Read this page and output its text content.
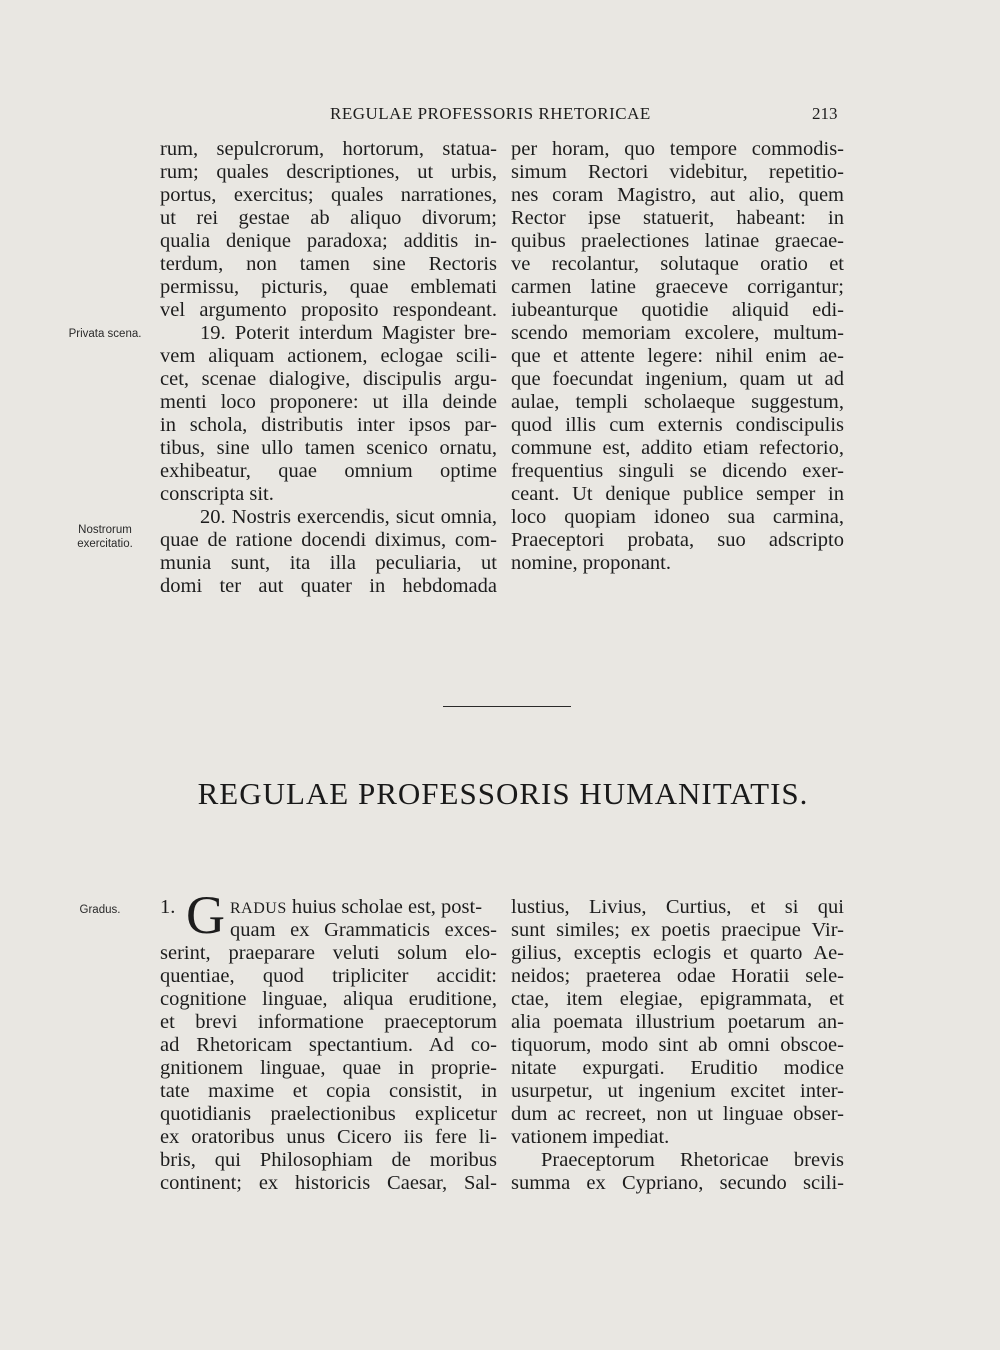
REGULAE PROFESSORIS RHETORICAE	213
Privata scena.
Nostrorum
exercitatio.
Gradus.
rum, sepulcrorum, hortorum, statua-
rum; quales descriptiones, ut urbis,
portus, exercitus; quales narrationes,
ut rei gestae ab aliquo divorum;
qualia denique paradoxa; additis in-
terdum, non tamen sine Rectoris
permissu, picturis, quae emblemati
vel argumento proposito respondeant.
19. Poterit interdum Magister bre-
vem aliquam actionem, eclogae scili-
cet, scenae dialogive, discipulis argu-
menti loco proponere: ut illa deinde
in schola, distributis inter ipsos par-
tibus, sine ullo tamen scenico ornatu,
exhibeatur, quae omnium optime
conscripta sit.
20. Nostris exercendis, sicut omnia,
quae de ratione docendi diximus, com-
munia sunt, ita illa peculiaria, ut
domi ter aut quater in hebdomada
per horam, quo tempore commodis-
simum Rectori videbitur, repetitio-
nes coram Magistro, aut alio, quem
Rector ipse statuerit, habeant: in
quibus praelectiones latinae graecae-
ve recolantur, solutaque oratio et
carmen latine graeceve corrigantur;
iubeanturque quotidie aliquid edi-
scendo memoriam excolere, multum-
que et attente legere: nihil enim ae-
que foecundat ingenium, quam ut ad
aulae, templi scholaeque suggestum,
quod illis cum externis condiscipulis
commune est, addito etiam refectorio,
frequentius singuli se dicendo exer-
ceant. Ut denique publice semper in
loco quopiam idoneo sua carmina,
Praeceptori probata, suo adscripto
nomine, proponant.
REGULAE PROFESSORIS HUMANITATIS.
1. G RADUS huius scholae est, post-
quam ex Grammaticis exces-
serint, praeparare veluti solum elo-
quentiae, quod tripliciter accidit:
cognitione linguae, aliqua eruditione,
et brevi informatione praeceptorum
ad Rhetoricam spectantium. Ad co-
gnitionem linguae, quae in proprie-
tate maxime et copia consistit, in
quotidianis praelectionibus explicetur
ex oratoribus unus Cicero iis fere li-
bris, qui Philosophiam de moribus
continent; ex historicis Caesar, Sal-
lustius, Livius, Curtius, et si qui
sunt similes; ex poetis praecipue Vir-
gilius, exceptis eclogis et quarto Ae-
neidos; praeterea odae Horatii sele-
ctae, item elegiae, epigrammata, et
alia poemata illustrium poetarum an-
tiquorum, modo sint ab omni obscoe-
nitate expurgati. Eruditio modice
usurpetur, ut ingenium excitet inter-
dum ac recreet, non ut linguae obser-
vationem impediat.
Praeceptorum Rhetoricae brevis
summa ex Cypriano, secundo scili-
